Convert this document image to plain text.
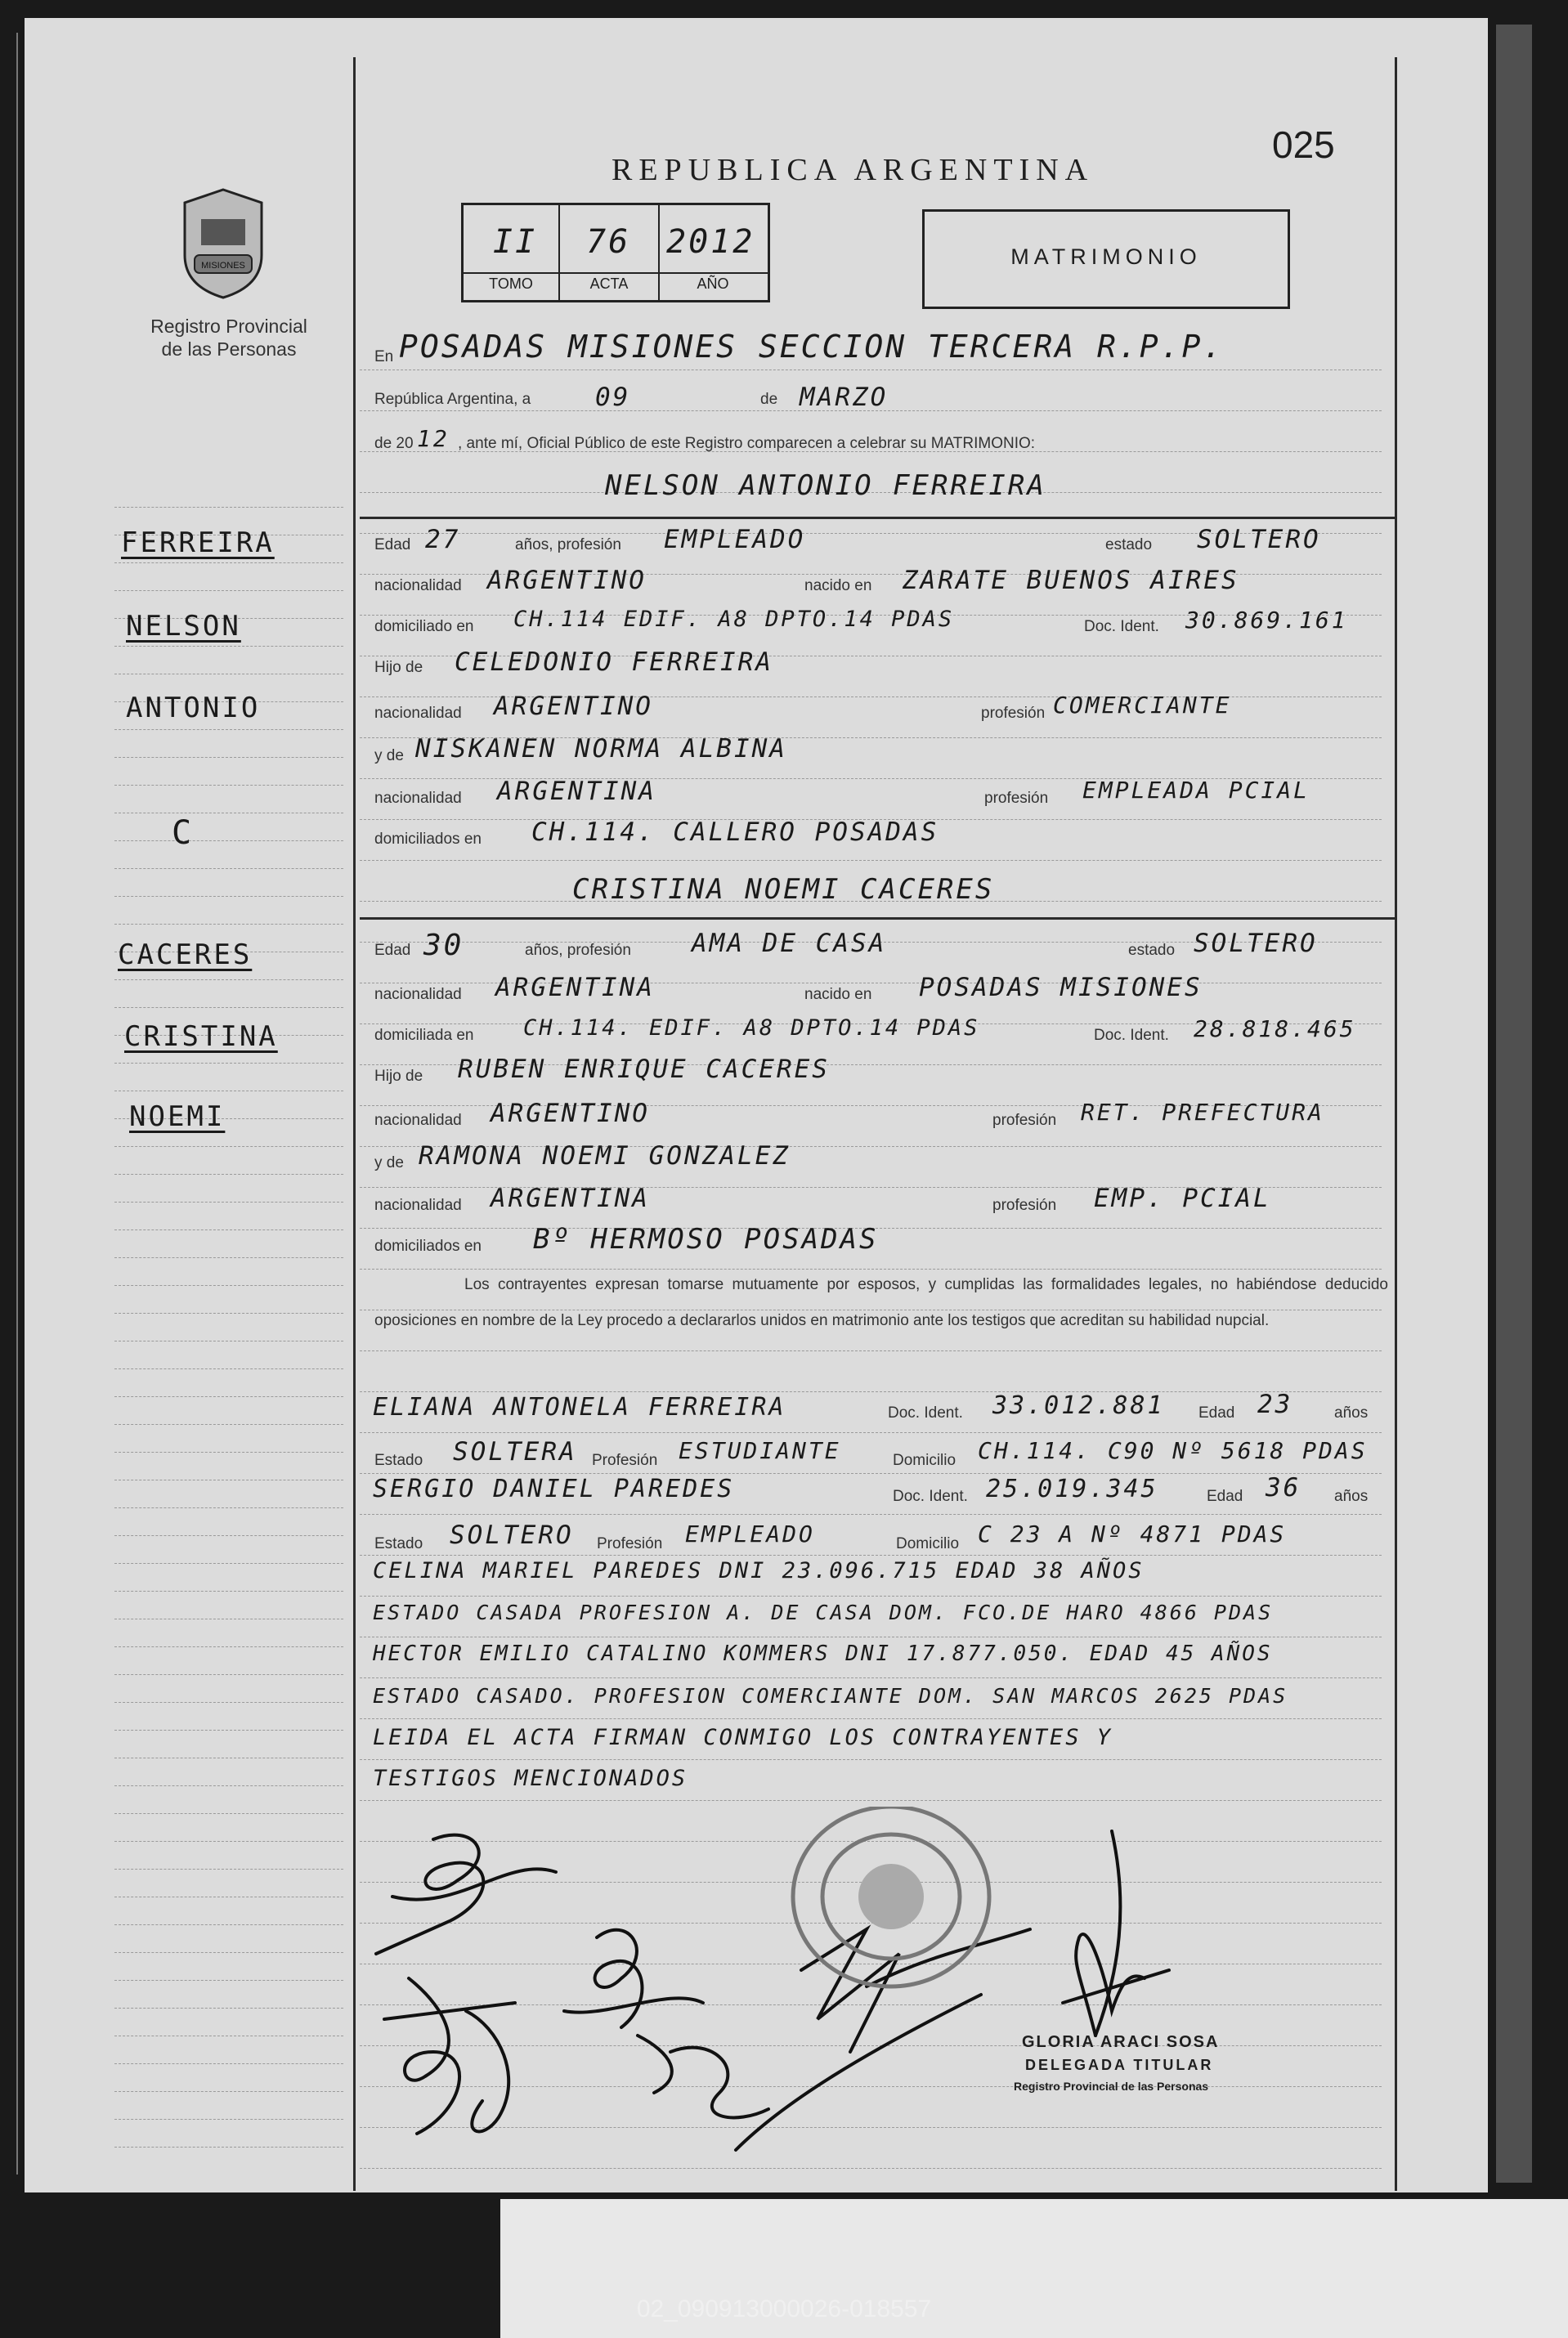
REPUBLICA ARGENTINA
025
MISIONES
Registro Provincial
de las Personas
II 76 2012
TOMO	ACTA	AÑO
MATRIMONIO
En POSADAS MISIONES SECCION TERCERA R.P.P.
República Argentina, a	09	de MARZO
de 20 12 , ante mí, Oficial Público de este Registro comparecen a celebrar su MATRIMONIO:
NELSON ANTONIO FERREIRA
Edad 27	años, profesión EMPLEADO	estado SOLTERO
nacionalidad ARGENTINO	nacido en ZARATE BUENOS AIRES
domiciliado en CH.114 EDIF. A8 DPTO.14 PDAS	Doc. Ident. 30.869.161
Hijo de CELEDONIO FERREIRA
nacionalidad ARGENTINO	profesión COMERCIANTE
y de NISKANEN NORMA ALBINA
nacionalidad ARGENTINA	profesión EMPLEADA PCIAL
domiciliados en CH.114. CALLERO POSADAS
CRISTINA NOEMI CACERES
Edad 30	años, profesión AMA DE CASA	estado SOLTERO
nacionalidad ARGENTINA	nacido en POSADAS MISIONES
domiciliada en CH.114. EDIF. A8 DPTO.14 PDAS	Doc. Ident. 28.818.465
Hijo de RUBEN ENRIQUE CACERES
nacionalidad ARGENTINO	profesión RET. PREFECTURA
y de RAMONA NOEMI GONZALEZ
nacionalidad ARGENTINA	profesión EMP. PCIAL
domiciliados en Bº HERMOSO POSADAS
Los contrayentes expresan tomarse mutuamente por esposos, y cumplidas las formalidades legales, no habiéndose deducido oposiciones en nombre de la Ley procedo a declararlos unidos en matrimonio ante los testigos que acreditan su habilidad nupcial.
ELIANA ANTONELA FERREIRA	Doc. Ident. 33.012.881 Edad 23	años
Estado SOLTERA Profesión ESTUDIANTE	Domicilio CH.114. C90 Nº 5618 PDAS
SERGIO DANIEL PAREDES	Doc. Ident. 25.019.345	Edad 36 años
Estado SOLTERO Profesión EMPLEADO	Domicilio C 23 A Nº 4871 PDAS
CELINA MARIEL PAREDES DNI 23.096.715 EDAD 38 AÑOS
ESTADO CASADA PROFESION A. DE CASA DOM. FCO.DE HARO 4866 PDAS
HECTOR EMILIO CATALINO KOMMERS DNI 17.877.050. EDAD 45 AÑOS
ESTADO CASADO. PROFESION COMERCIANTE DOM. SAN MARCOS 2625 PDAS
LEIDA EL ACTA FIRMAN CONMIGO LOS CONTRAYENTES Y
TESTIGOS MENCIONADOS
GLORIA ARACI SOSA
DELEGADA TITULAR
Registro Provincial de las Personas
FERREIRA
NELSON
ANTONIO
C
CACERES
CRISTINA
NOEMI
02_090913000026-018557
